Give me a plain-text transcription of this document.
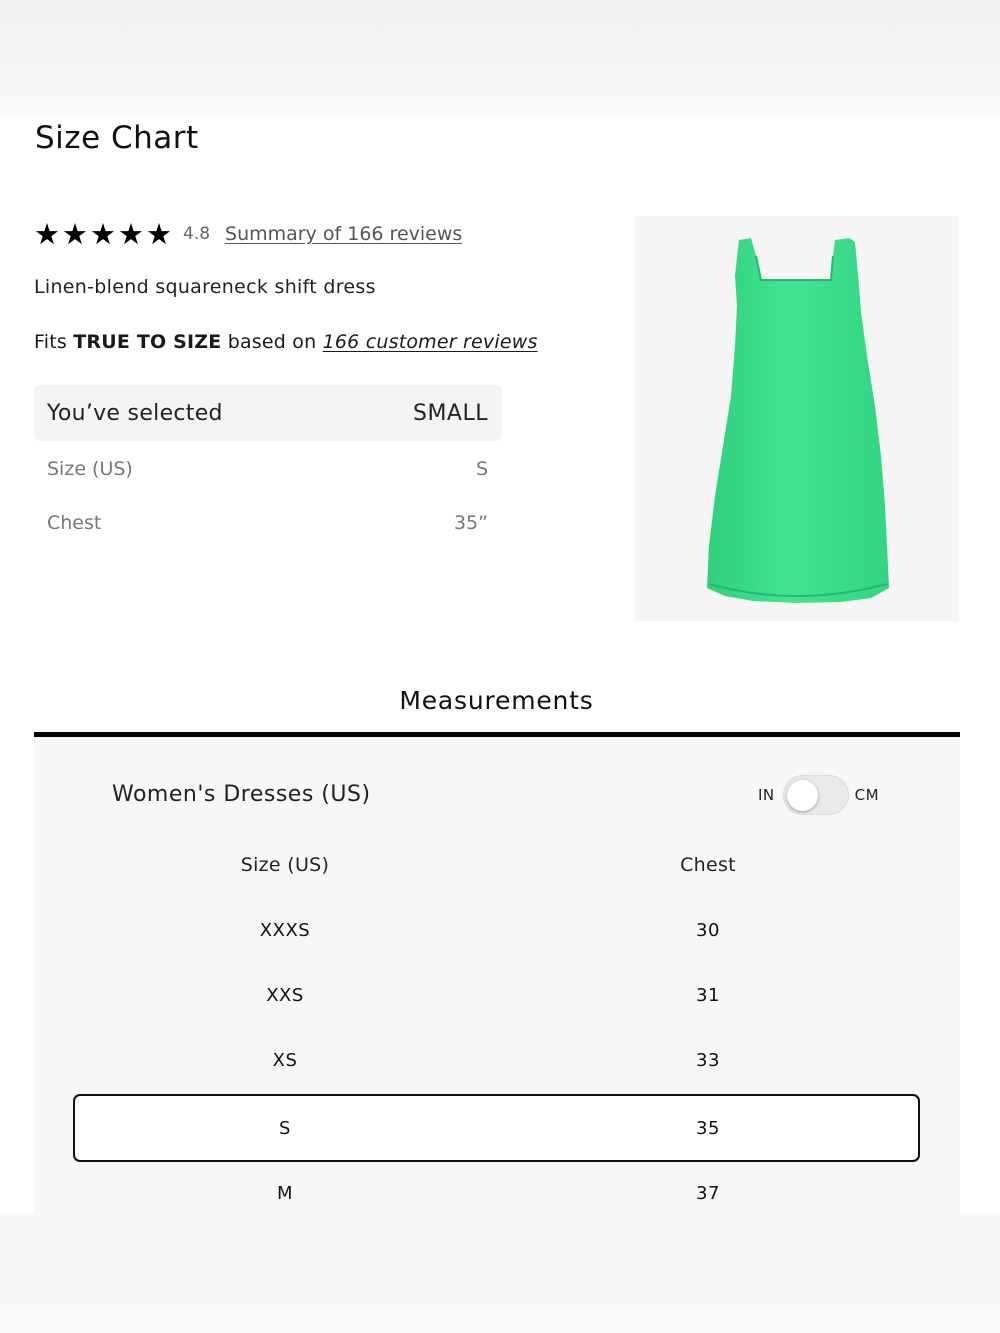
Size Chart
★ ★ ★ ★ ★ 4.8 Summary of 166 reviews
Linen-blend squareneck shift dress
Fits TRUE TO SIZE based on 166 customer reviews
You’ve selected	SMALL
Size (US)	S
Chest	35”
Measurements
Women's Dresses (US)	IN	CM
Size (US)	Chest
XXXS	30
XXS	31
XS	33
S	35
M	37
